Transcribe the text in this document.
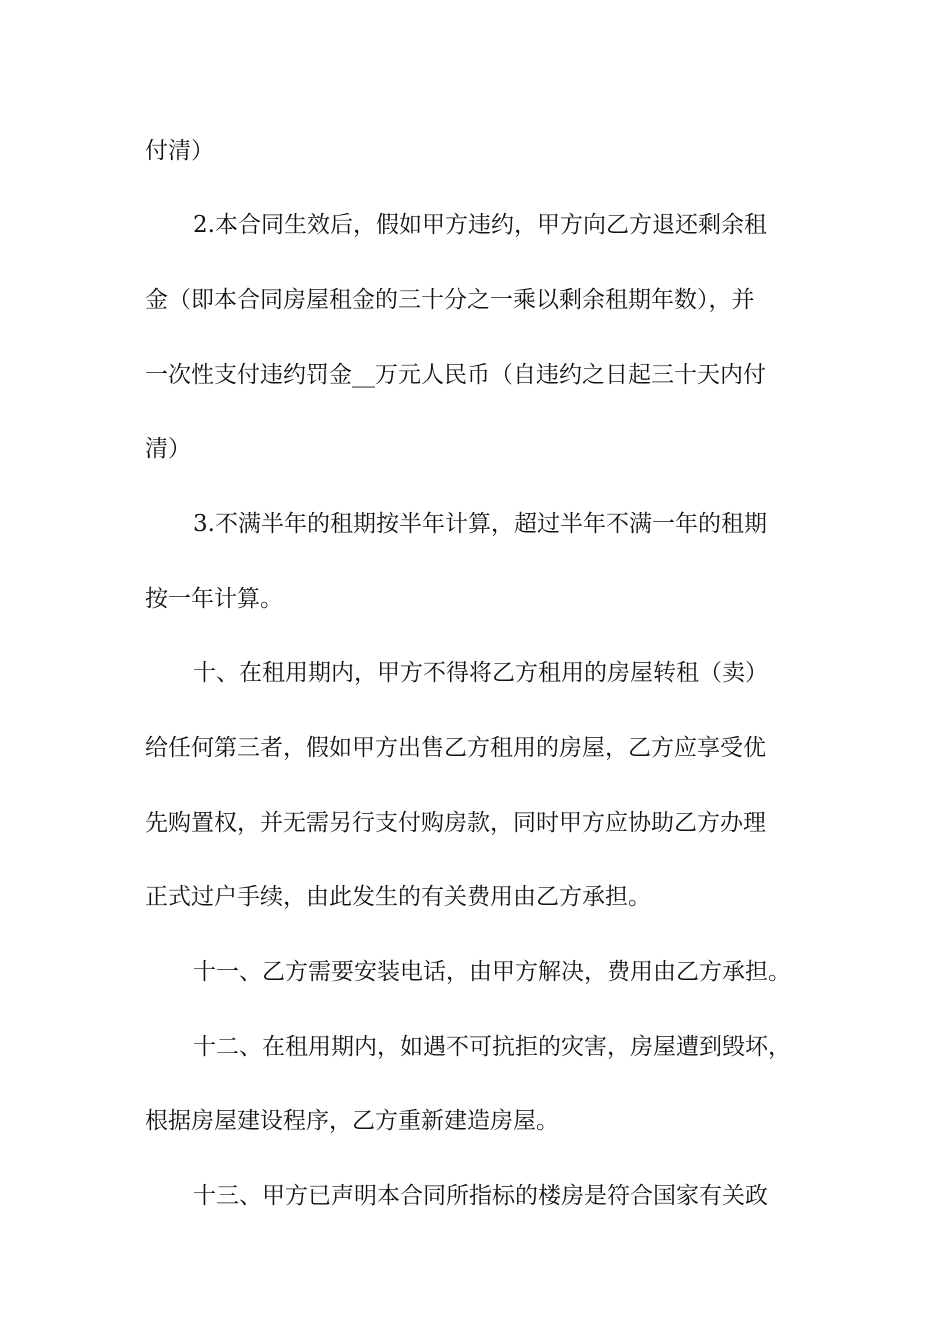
付清）
2.本合同生效后，假如甲方违约，甲方向乙方退还剩余租
金（即本合同房屋租金的三十分之一乘以剩余租期年数），并
一次性支付违约罚金__万元人民币（自违约之日起三十天内付
清）
3.不满半年的租期按半年计算，超过半年不满一年的租期
按一年计算。
十、在租用期内，甲方不得将乙方租用的房屋转租（卖）
给任何第三者，假如甲方出售乙方租用的房屋，乙方应享受优
先购置权，并无需另行支付购房款，同时甲方应协助乙方办理
正式过户手续，由此发生的有关费用由乙方承担。
十一、乙方需要安装电话，由甲方解决，费用由乙方承担。
十二、在租用期内，如遇不可抗拒的灾害，房屋遭到毁坏，
根据房屋建设程序，乙方重新建造房屋。
十三、甲方已声明本合同所指标的楼房是符合国家有关政
